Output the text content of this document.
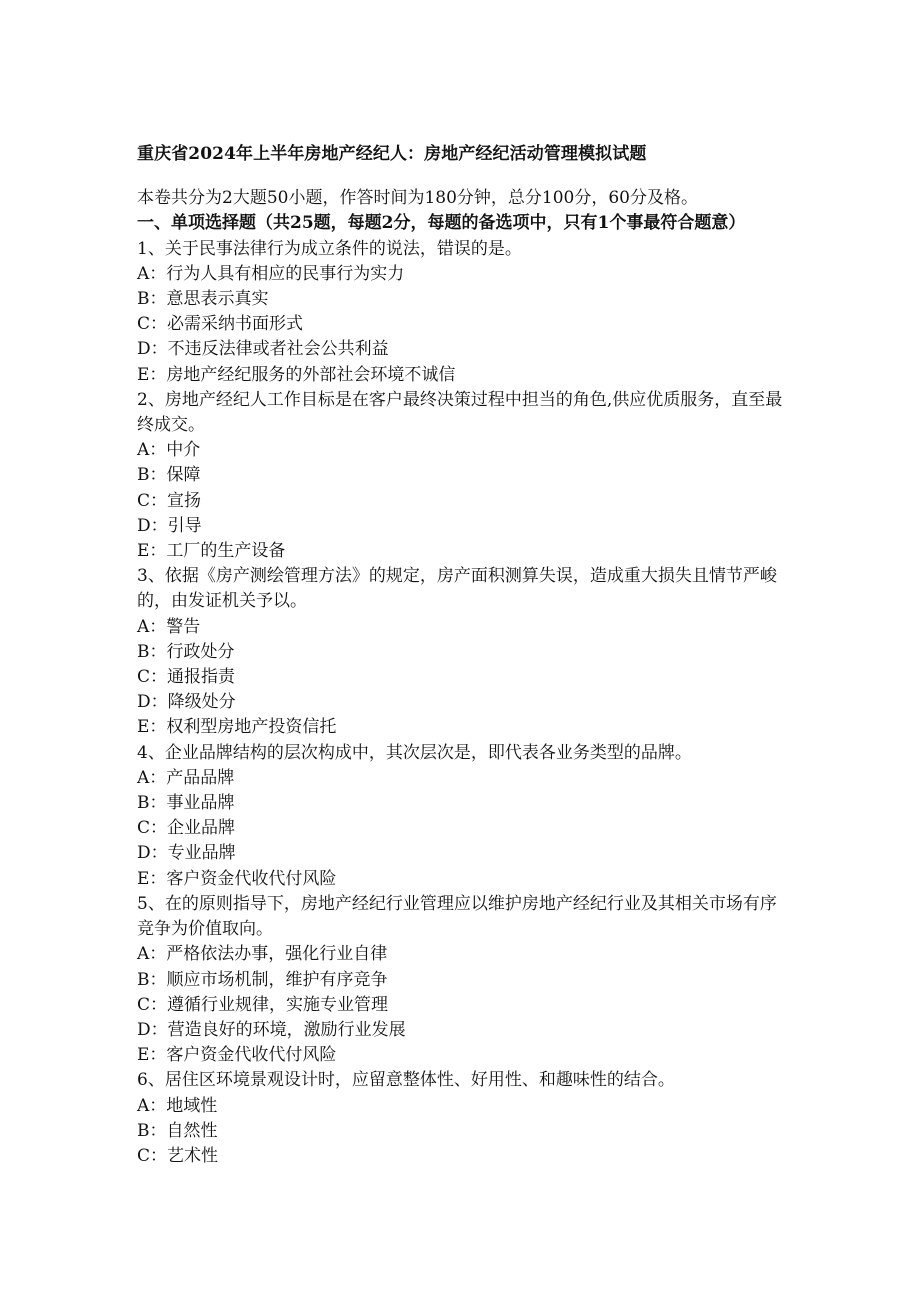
重庆省2024年上半年房地产经纪人：房地产经纪活动管理模拟试题

本卷共分为2大题50小题，作答时间为180分钟，总分100分，60分及格。

一、单项选择题（共25题，每题2分，每题的备选项中，只有1个事最符合题意）

1、关于民事法律行为成立条件的说法，错误的是。

A：行为人具有相应的民事行为实力

B：意思表示真实

C：必需采纳书面形式

D：不违反法律或者社会公共利益

E：房地产经纪服务的外部社会环境不诚信

2、房地产经纪人工作目标是在客户最终决策过程中担当的角色,供应优质服务，直至最终成交。

A：中介

B：保障

C：宣扬

D：引导

E：工厂的生产设备

3、依据《房产测绘管理方法》的规定，房产面积测算失误，造成重大损失且情节严峻的，由发证机关予以。

A：警告

B：行政处分

C：通报指责

D：降级处分

E：权利型房地产投资信托

4、企业品牌结构的层次构成中，其次层次是，即代表各业务类型的品牌。

A：产品品牌

B：事业品牌

C：企业品牌

D：专业品牌

E：客户资金代收代付风险

5、在的原则指导下，房地产经纪行业管理应以维护房地产经纪行业及其相关市场有序竞争为价值取向。

A：严格依法办事，强化行业自律

B：顺应市场机制，维护有序竞争

C：遵循行业规律，实施专业管理

D：营造良好的环境，激励行业发展

E：客户资金代收代付风险

6、居住区环境景观设计时，应留意整体性、好用性、和趣味性的结合。

A：地域性

B：自然性

C：艺术性
